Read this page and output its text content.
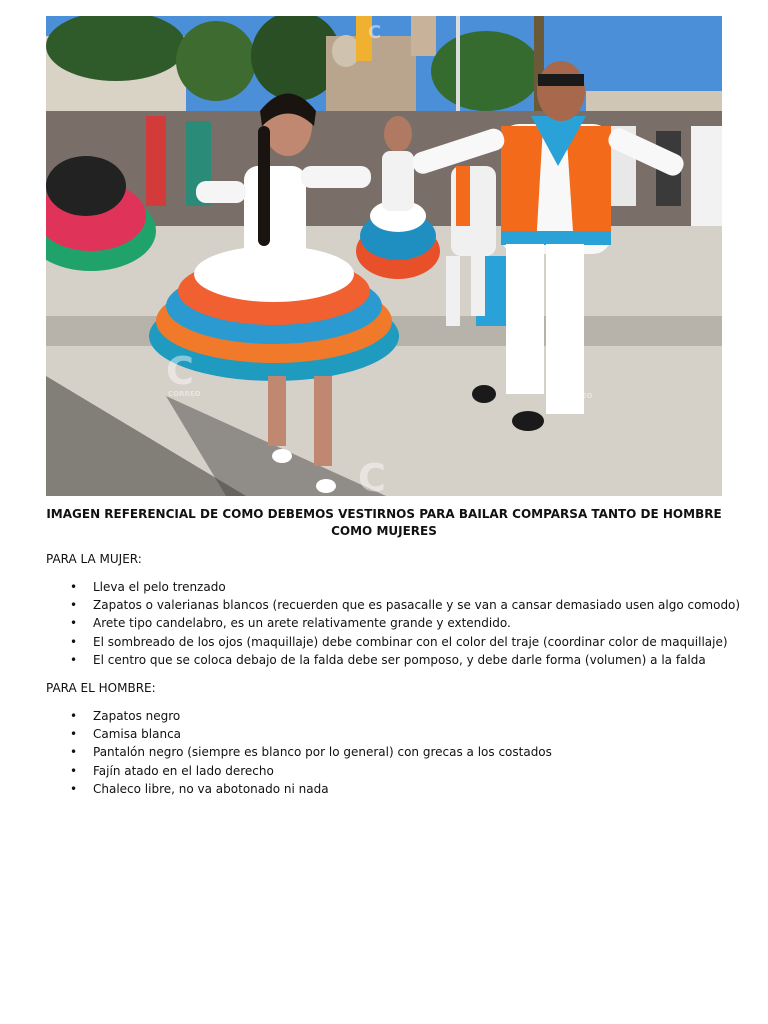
C	C
C
C
CORREO	CORREO
IMAGEN REFERENCIAL DE COMO DEBEMOS VESTIRNOS PARA BAILAR COMPARSA TANTO DE HOMBRE COMO MUJERES
PARA LA MUJER:
• Lleva el pelo trenzado
• Zapatos o valerianas blancos (recuerden que es pasacalle y se van a cansar demasiado usen algo comodo)
• Arete tipo candelabro, es un arete relativamente grande y extendido.
• El sombreado de los ojos (maquillaje) debe combinar con el color del traje (coordinar color de maquillaje)
• El centro que se coloca debajo de la falda debe ser pomposo, y debe darle forma (volumen) a la falda
PARA EL HOMBRE:
• Zapatos negro
• Camisa blanca
• Pantalón negro (siempre es blanco por lo general) con grecas a los costados
• Fajín atado en el lado derecho
• Chaleco libre, no va abotonado ni nada
